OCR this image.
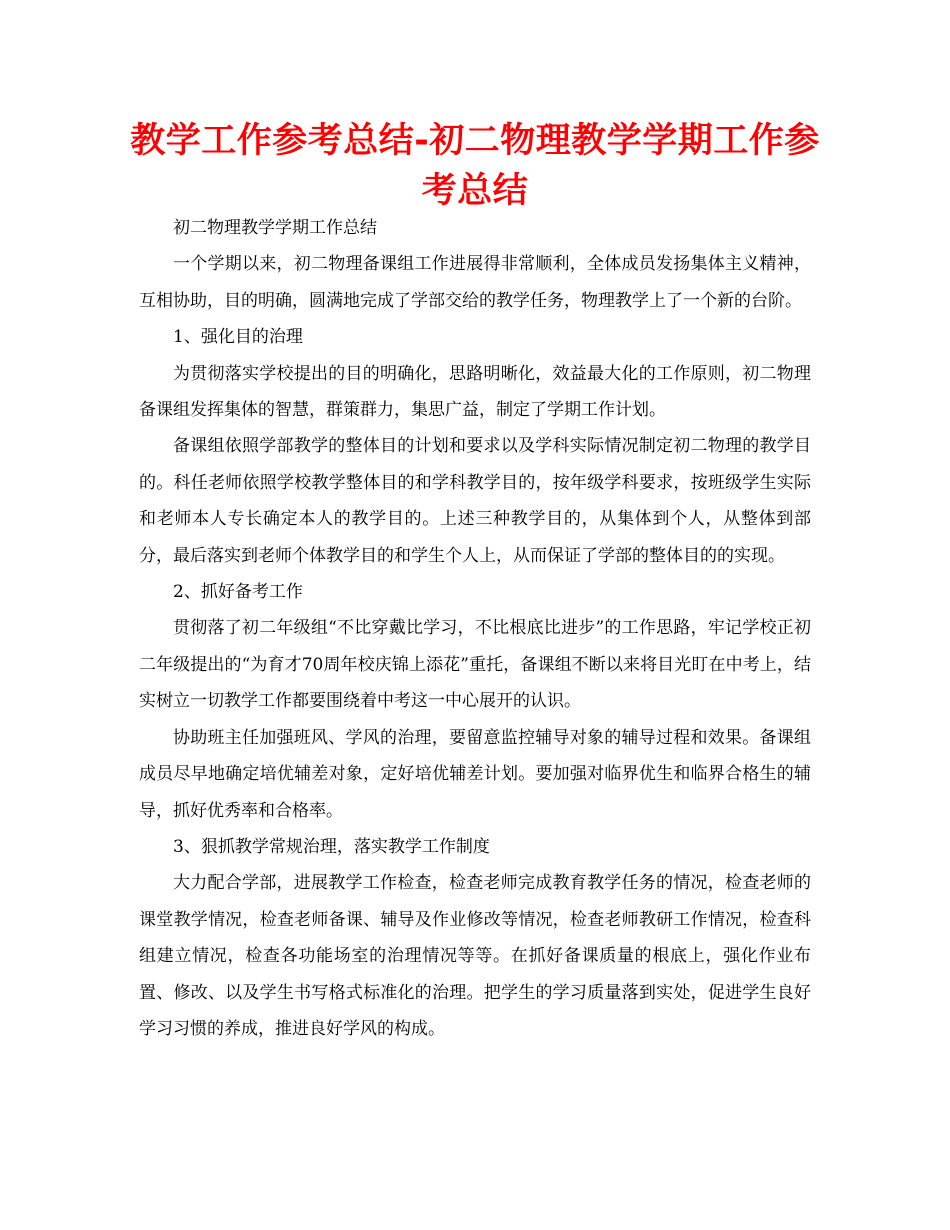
教学工作参考总结-初二物理教学学期工作参考总结

初二物理教学学期工作总结

一个学期以来，初二物理备课组工作进展得非常顺利，全体成员发扬集体主义精神，互相协助，目的明确，圆满地完成了学部交给的教学任务，物理教学上了一个新的台阶。

1、强化目的治理

为贯彻落实学校提出的目的明确化，思路明晰化，效益最大化的工作原则，初二物理备课组发挥集体的智慧，群策群力，集思广益，制定了学期工作计划。

备课组依照学部教学的整体目的计划和要求以及学科实际情况制定初二物理的教学目的。科任老师依照学校教学整体目的和学科教学目的，按年级学科要求，按班级学生实际和老师本人专长确定本人的教学目的。上述三种教学目的，从集体到个人，从整体到部分，最后落实到老师个体教学目的和学生个人上，从而保证了学部的整体目的的实现。

2、抓好备考工作

贯彻落了初二年级组“不比穿戴比学习，不比根底比进步”的工作思路，牢记学校正初二年级提出的“为育才70周年校庆锦上添花”重托，备课组不断以来将目光盯在中考上，结实树立一切教学工作都要围绕着中考这一中心展开的认识。

协助班主任加强班风、学风的治理，要留意监控辅导对象的辅导过程和效果。备课组成员尽早地确定培优辅差对象，定好培优辅差计划。要加强对临界优生和临界合格生的辅导，抓好优秀率和合格率。

3、狠抓教学常规治理，落实教学工作制度

大力配合学部，进展教学工作检查，检查老师完成教育教学任务的情况，检查老师的课堂教学情况，检查老师备课、辅导及作业修改等情况，检查老师教研工作情况，检查科组建立情况，检查各功能场室的治理情况等等。在抓好备课质量的根底上，强化作业布置、修改、以及学生书写格式标准化的治理。把学生的学习质量落到实处，促进学生良好学习习惯的养成，推进良好学风的构成。
